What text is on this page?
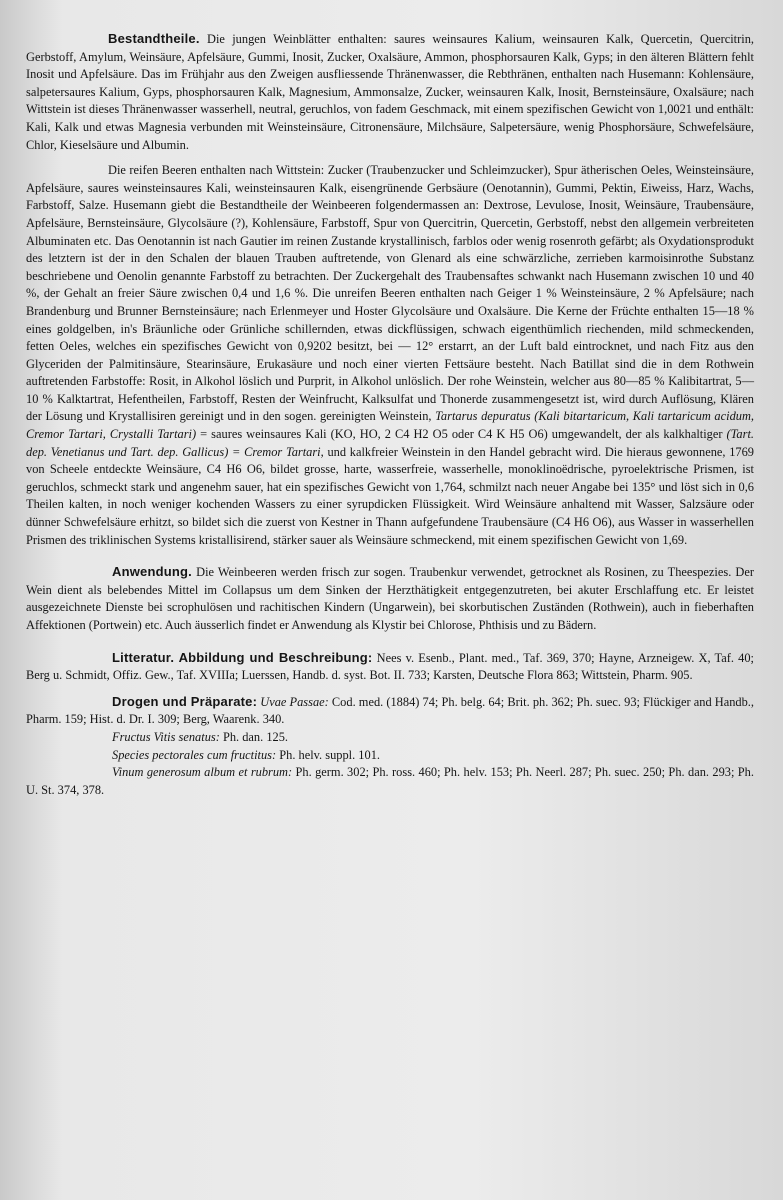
Bestandtheile. Die jungen Weinblätter enthalten: saures weinsaures Kalium, weinsauren Kalk, Quercetin, Quercitrin, Gerbstoff, Amylum, Weinsäure, Apfelsäure, Gummi, Inosit, Zucker, Oxalsäure, Ammon, phosphorsauren Kalk, Gyps; in den älteren Blättern fehlt Inosit und Apfelsäure. Das im Frühjahr aus den Zweigen ausfliessende Thränenwasser, die Rebthränen, enthalten nach Husemann: Kohlensäure, salpetersaures Kalium, Gyps, phosphorsauren Kalk, Magnesium, Ammonsalze, Zucker, weinsauren Kalk, Inosit, Bernsteinsäure, Oxalsäure; nach Wittstein ist dieses Thränenwasser wasserhell, neutral, geruchlos, von fadem Geschmack, mit einem spezifischen Gewicht von 1,0021 und enthält: Kali, Kalk und etwas Magnesia verbunden mit Weinsteinsäure, Citronensäure, Milchsäure, Salpetersäure, wenig Phosphorsäure, Schwefelsäure, Chlor, Kieselsäure und Albumin.

Die reifen Beeren enthalten nach Wittstein: Zucker (Traubenzucker und Schleimzucker), Spur ätherischen Oeles, Weinsteinsäure, Apfelsäure, saures weinsteinsaures Kali, weinsteinsauren Kalk, eisengrünende Gerbsäure (Oenotannin), Gummi, Pektin, Eiweiss, Harz, Wachs, Farbstoff, Salze. Husemann giebt die Bestandtheile der Weinbeeren folgendermassen an: Dextrose, Levulose, Inosit, Weinsäure, Traubensäure, Apfelsäure, Bernsteinsäure, Glycolsäure (?), Kohlensäure, Farbstoff, Spur von Quercitrin, Quercetin, Gerbstoff, nebst den allgemein verbreiteten Albuminaten etc. Das Oenotannin ist nach Gautier im reinen Zustande krystallinisch, farblos oder wenig rosenroth gefärbt; als Oxydationsprodukt des letztern ist der in den Schalen der blauen Trauben auftretende, von Glenard als eine schwärzliche, zerrieben karmoisinrothe Substanz beschriebene und Oenolin genannte Farbstoff zu betrachten. Der Zuckergehalt des Traubensaftes schwankt nach Husemann zwischen 10 und 40 %, der Gehalt an freier Säure zwischen 0,4 und 1,6 %. Die unreifen Beeren enthalten nach Geiger 1 % Weinsteinsäure, 2 % Apfelsäure; nach Brandenburg und Brunner Bernsteinsäure; nach Erlenmeyer und Hoster Glycolsäure und Oxalsäure. Die Kerne der Früchte enthalten 15—18 % eines goldgelben, in's Bräunliche oder Grünliche schillernden, etwas dickflüssigen, schwach eigenthümlich riechenden, mild schmeckenden, fetten Oeles, welches ein spezifisches Gewicht von 0,9202 besitzt, bei — 12° erstarrt, an der Luft bald eintrocknet, und nach Fitz aus den Glyceriden der Palmitinsäure, Stearinsäure, Erukasäure und noch einer vierten Fettsäure besteht. Nach Batillat sind die in dem Rothwein auftretenden Farbstoffe: Rosit, in Alkohol löslich und Purprit, in Alkohol unlöslich. Der rohe Weinstein, welcher aus 80—85 % Kalibitartrat, 5—10 % Kalktartrat, Hefentheilen, Farbstoff, Resten der Weinfrucht, Kalksulfat und Thonerde zusammengesetzt ist, wird durch Auflösung, Klären der Lösung und Krystallisiren gereinigt und in den sogen. gereinigten Weinstein, Tartarus depuratus (Kali bitartaricum, Kali tartaricum acidum, Cremor Tartari, Crystalli Tartari) = saures weinsaures Kali (KO, HO, 2 C4 H2 O5 oder C4 K H5 O6) umgewandelt, der als kalkhaltiger (Tart. dep. Venetianus und Tart. dep. Gallicus) = Cremor Tartari, und kalkfreier Weinstein in den Handel gebracht wird. Die hieraus gewonnene, 1769 von Scheele entdeckte Weinsäure, C4 H6 O6, bildet grosse, harte, wasserfreie, wasserhelle, monoklinoëdrische, pyroelektrische Prismen, ist geruchlos, schmeckt stark und angenehm sauer, hat ein spezifisches Gewicht von 1,764, schmilzt nach neuer Angabe bei 135° und löst sich in 0,6 Theilen kalten, in noch weniger kochenden Wassers zu einer syrupdicken Flüssigkeit. Wird Weinsäure anhaltend mit Wasser, Salzsäure oder dünner Schwefelsäure erhitzt, so bildet sich die zuerst von Kestner in Thann aufgefundene Traubensäure (C4 H6 O6), aus Wasser in wasserhellen Prismen des triklinischen Systems kristallisirend, stärker sauer als Weinsäure schmeckend, mit einem spezifischen Gewicht von 1,69.

Anwendung. Die Weinbeeren werden frisch zur sogen. Traubenkur verwendet, getrocknet als Rosinen, zu Theespezies. Der Wein dient als belebendes Mittel im Collapsus um dem Sinken der Herzthätigkeit entgegenzutreten, bei akuter Erschlaffung etc. Er leistet ausgezeichnete Dienste bei scrophulösen und rachitischen Kindern (Ungarwein), bei skorbutischen Zuständen (Rothwein), auch in fieberhaften Affektionen (Portwein) etc. Auch äusserlich findet er Anwendung als Klystir bei Chlorose, Phthisis und zu Bädern.

Litteratur. Abbildung und Beschreibung: Nees v. Esenb., Plant. med., Taf. 369, 370; Hayne, Arzneigew. X, Taf. 40; Berg u. Schmidt, Offiz. Gew., Taf. XVIIIa; Luerssen, Handb. d. syst. Bot. II. 733; Karsten, Deutsche Flora 863; Wittstein, Pharm. 905.

Drogen und Präparate: Uvae Passae: Cod. med. (1884) 74; Ph. belg. 64; Brit. ph. 362; Ph. suec. 93; Flückiger and Handb., Pharm. 159; Hist. d. Dr. I. 309; Berg, Waarenk. 340.

Fructus Vitis senatus: Ph. dan. 125.

Species pectorales cum fructitus: Ph. helv. suppl. 101.

Vinum generosum album et rubrum: Ph. germ. 302; Ph. ross. 460; Ph. helv. 153; Ph. Neerl. 287; Ph. suec. 250; Ph. dan. 293; Ph. U. St. 374, 378.
